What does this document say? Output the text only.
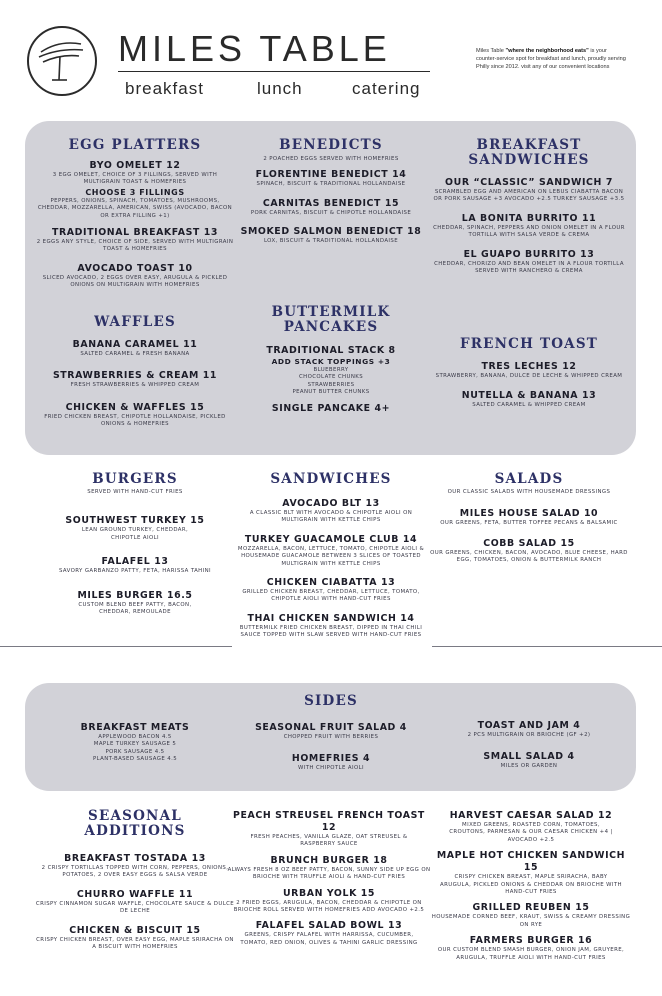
MILES TABLE
breakfast	lunch	catering
Miles Table "where the neighborhood eats" is your counter-service spot for breakfast and lunch, proudly serving Philly since 2012. visit any of our convenient locations

EGG PLATTERS

BYO OMELET 12

3 EGG OMELET, CHOICE OF 3 FILLINGS, SERVED WITH MULTIGRAIN TOAST & HOMEFRIES

CHOOSE 3 FILLINGS

PEPPERS, ONIONS, SPINACH, TOMATOES, MUSHROOMS, CHEDDAR, MOZZARELLA, AMERICAN, SWISS (AVOCADO, BACON OR EXTRA FILLING +1)

TRADITIONAL BREAKFAST 13

2 EGGS ANY STYLE, CHOICE OF SIDE, SERVED WITH MULTIGRAIN TOAST & HOMEFRIES

AVOCADO TOAST 10

SLICED AVOCADO, 2 EGGS OVER EASY, ARUGULA & PICKLED ONIONS ON MULTIGRAIN WITH HOMEFRIES

BENEDICTS

2 POACHED EGGS SERVED WITH HOMEFRIES

FLORENTINE BENEDICT 14

SPINACH, BISCUIT & TRADITIONAL HOLLANDAISE

CARNITAS BENEDICT 15

PORK CARNITAS, BISCUIT & CHIPOTLE HOLLANDAISE

SMOKED SALMON BENEDICT 18

LOX, BISCUIT & TRADITIONAL HOLLANDAISE

BREAKFAST

SANDWICHES

OUR “CLASSIC” SANDWICH 7

SCRAMBLED EGG AND AMERICAN ON LEBUS CIABATTA BACON OR PORK SAUSAGE +3 AVOCADO +2.5 TURKEY SAUSAGE +3.5

LA BONITA BURRITO 11

CHEDDAR, SPINACH, PEPPERS AND ONION OMELET IN A FLOUR TORTILLA WITH SALSA VERDE & CREMA

EL GUAPO BURRITO 13

CHEDDAR, CHORIZO AND BEAN OMELET IN A FLOUR TORTILLA SERVED WITH RANCHERO & CREMA

WAFFLES

BANANA CARAMEL 11

SALTED CARAMEL & FRESH BANANA

STRAWBERRIES & CREAM 11

FRESH STRAWBERRIES & WHIPPED CREAM

CHICKEN & WAFFLES 15

FRIED CHICKEN BREAST, CHIPOTLE HOLLANDAISE, PICKLED ONIONS & HOMEFRIES

BUTTERMILK

PANCAKES

TRADITIONAL STACK 8

ADD STACK TOPPINGS +3

BLUEBERRY

CHOCOLATE CHUNKS

STRAWBERRIES

PEANUT BUTTER CHUNKS

SINGLE PANCAKE 4+

FRENCH TOAST

TRES LECHES 12

STRAWBERRY, BANANA, DULCE DE LECHE & WHIPPED CREAM

NUTELLA & BANANA 13

SALTED CARAMEL & WHIPPED CREAM

BURGERS

SERVED WITH HAND-CUT FRIES

SOUTHWEST TURKEY 15

LEAN GROUND TURKEY, CHEDDAR, CHIPOTLE AIOLI

FALAFEL 13

SAVORY GARBANZO PATTY, FETA, HARISSA TAHINI

MILES BURGER 16.5

CUSTOM BLEND BEEF PATTY, BACON, CHEDDAR, REMOULADE

SANDWICHES

AVOCADO BLT 13

A CLASSIC BLT WITH AVOCADO & CHIPOTLE AIOLI ON MULTIGRAIN WITH KETTLE CHIPS

TURKEY GUACAMOLE CLUB 14

MOZZARELLA, BACON, LETTUCE, TOMATO, CHIPOTLE AIOLI & HOUSEMADE GUACAMOLE BETWEEN 3 SLICES OF TOASTED MULTIGRAIN WITH KETTLE CHIPS

CHICKEN CIABATTA 13

GRILLED CHICKEN BREAST, CHEDDAR, LETTUCE, TOMATO, CHIPOTLE AIOLI WITH HAND-CUT FRIES

THAI CHICKEN SANDWICH 14

BUTTERMILK FRIED CHICKEN BREAST, DIPPED IN THAI CHILI SAUCE TOPPED WITH SLAW SERVED WITH HAND-CUT FRIES

SALADS

OUR CLASSIC SALADS WITH HOUSEMADE DRESSINGS

MILES HOUSE SALAD 10

OUR GREENS, FETA, BUTTER TOFFEE PECANS & BALSAMIC

COBB SALAD 15

OUR GREENS, CHICKEN, BACON, AVOCADO, BLUE CHEESE, HARD EGG, TOMATOES, ONION & BUTTERMILK RANCH

SIDES

BREAKFAST MEATS

APPLEWOOD BACON 4.5

MAPLE TURKEY SAUSAGE 5

PORK SAUSAGE 4.5

PLANT-BASED SAUSAGE 4.5

SEASONAL FRUIT SALAD 4

CHOPPED FRUIT WITH BERRIES

HOMEFRIES 4

WITH CHIPOTLE AIOLI

TOAST AND JAM 4

2 PCS MULTIGRAIN OR BRIOCHE (GF +2)

SMALL SALAD 4

MILES OR GARDEN

SEASONAL

ADDITIONS

BREAKFAST TOSTADA 13

2 CRISPY TORTILLAS TOPPED WITH CORN, PEPPERS, ONIONS, POTATOES, 2 OVER EASY EGGS & SALSA VERDE

CHURRO WAFFLE 11

CRISPY CINNAMON SUGAR WAFFLE, CHOCOLATE SAUCE & DULCE DE LECHE

CHICKEN & BISCUIT 15

CRISPY CHICKEN BREAST, OVER EASY EGG, MAPLE SRIRACHA ON A BISCUIT WITH HOMEFRIES

PEACH STREUSEL FRENCH TOAST 12

FRESH PEACHES, VANILLA GLAZE, OAT STREUSEL & RASPBERRY SAUCE

BRUNCH BURGER 18

ALWAYS FRESH 8 OZ BEEF PATTY, BACON, SUNNY SIDE UP EGG ON BRIOCHE WITH TRUFFLE AIOLI & HAND-CUT FRIES

URBAN YOLK 15

2 FRIED EGGS, ARUGULA, BACON, CHEDDAR & CHIPOTLE ON BRIOCHE ROLL SERVED WITH HOMEFRIES ADD AVOCADO +2.5

FALAFEL SALAD BOWL 13

GREENS, CRISPY FALAFEL WITH HARRISSA, CUCUMBER, TOMATO, RED ONION, OLIVES & TAHINI GARLIC DRESSING

HARVEST CAESAR SALAD 12

MIXED GREENS, ROASTED CORN, TOMATOES, CROUTONS, PARMESAN & OUR CAESAR CHICKEN +4 | AVOCADO +2.5

MAPLE HOT CHICKEN SANDWICH 15

CRISPY CHICKEN BREAST, MAPLE SRIRACHA, BABY ARUGULA, PICKLED ONIONS & CHEDDAR ON BRIOCHE WITH HAND-CUT FRIES

GRILLED REUBEN 15

HOUSEMADE CORNED BEEF, KRAUT, SWISS & CREAMY DRESSING ON RYE

FARMERS BURGER 16

OUR CUSTOM BLEND SMASH BURGER, ONION JAM, GRUYERE, ARUGULA, TRUFFLE AIOLI WITH HAND-CUT FRIES
